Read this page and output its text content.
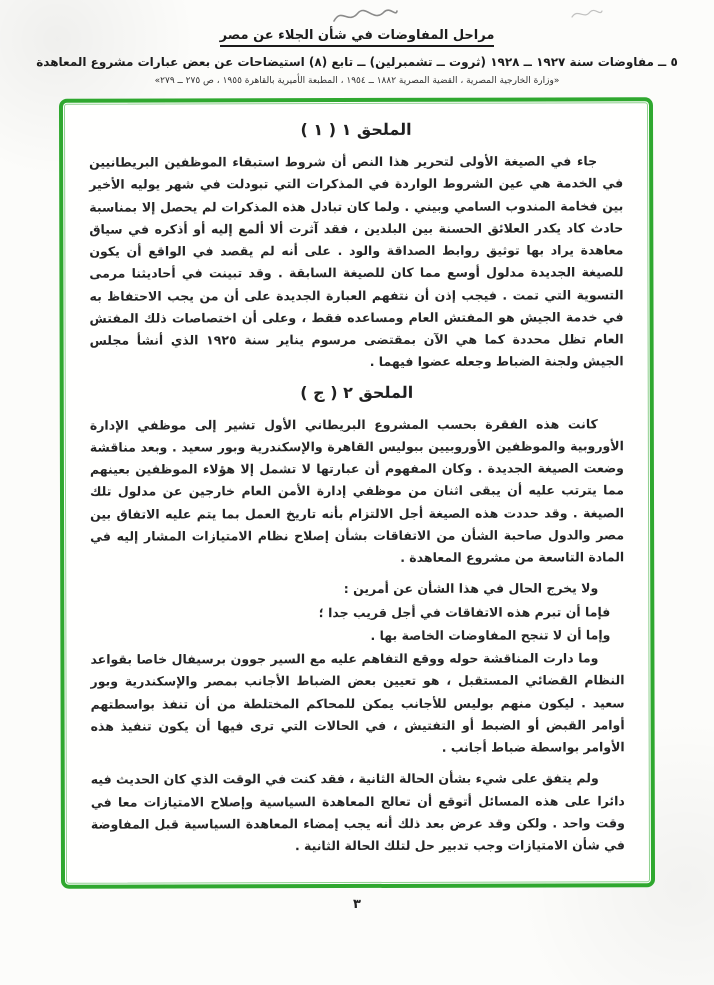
مراحل المفاوضات في شأن الجلاء عن مصر
٥ ــ مفاوضات سنة ١٩٢٧ ــ ١٩٢٨ (ثروت ــ تشمبرلين) ــ تابع (٨) استيضاحات عن بعض عبارات مشروع المعاهدة
«وزارة الخارجية المصرية ، القضية المصرية ١٨٨٢ ــ ١٩٥٤ ، المطبعة الأميرية بالقاهرة ١٩٥٥ ، ص ٢٧٥ ــ ٢٧٩»
الملحق ١ ( ١ )

جاء في الصيغة الأولى لتحرير هذا النص أن شروط استبقاء الموظفين البريطانيين في الخدمة هي عين الشروط الواردة في المذكرات التي تبودلت في شهر يوليه الأخير بين فخامة المندوب السامي وبيني . ولما كان تبادل هذه المذكرات لم يحصل إلا بمناسبة حادث كاد يكدر العلائق الحسنة بين البلدين ، فقد آثرت ألا ألمع إليه أو أذكره في سياق معاهدة يراد بها توثيق روابط الصداقة والود . على أنه لم يقصد في الواقع أن يكون للصيغة الجديدة مدلول أوسع مما كان للصيغة السابقة . وقد تبينت في أحاديثنا مرمى التسوية التي تمت . فيجب إذن أن نتفهم العبارة الجديدة على أن من يجب الاحتفاظ به في خدمة الجيش هو المفتش العام ومساعده فقط ، وعلى أن اختصاصات ذلك المفتش العام تظل محددة كما هي الآن بمقتضى مرسوم يناير سنة ١٩٢٥ الذي أنشأ مجلس الجيش ولجنة الضباط وجعله عضوا فيهما .

الملحق ٢ ( ج )

كانت هذه الفقرة بحسب المشروع البريطاني الأول تشير إلى موظفي الإدارة الأوروبية والموظفين الأوروبيين ببوليس القاهرة والإسكندرية وبور سعيد . وبعد مناقشة وضعت الصيغة الجديدة . وكان المفهوم أن عبارتها لا تشمل إلا هؤلاء الموظفين بعينهم مما يترتب عليه أن يبقى اثنان من موظفي إدارة الأمن العام خارجين عن مدلول تلك الصيغة . وقد حددت هذه الصيغة أجل الالتزام بأنه تاريخ العمل بما يتم عليه الاتفاق بين مصر والدول صاحبة الشأن من الاتفاقات بشأن إصلاح نظام الامتيازات المشار إليه في المادة التاسعة من مشروع المعاهدة .

ولا يخرج الحال في هذا الشأن عن أمرين :

فإما أن تبرم هذه الاتفاقات في أجل قريب جدا ؛

وإما أن لا تنجح المفاوضات الخاصة بها .

وما دارت المناقشة حوله ووقع التفاهم عليه مع السير جوون برسيفال خاصا بقواعد النظام القضائي المستقبل ، هو تعيين بعض الضباط الأجانب بمصر والإسكندرية وبور سعيد . ليكون منهم بوليس للأجانب يمكن للمحاكم المختلطة من أن تنفذ بواسطتهم أوامر القبض أو الضبط أو التفتيش ، في الحالات التي ترى فيها أن يكون تنفيذ هذه الأوامر بواسطة ضباط أجانب .

ولم يتفق على شيء بشأن الحالة الثانية ، فقد كنت في الوقت الذي كان الحديث فيه دائرا على هذه المسائل أتوقع أن تعالج المعاهدة السياسية وإصلاح الامتيازات معا في وقت واحد . ولكن وقد عرض بعد ذلك أنه يجب إمضاء المعاهدة السياسية قبل المفاوضة في شأن الامتيازات وجب تدبير حل لتلك الحالة الثانية .

٣
